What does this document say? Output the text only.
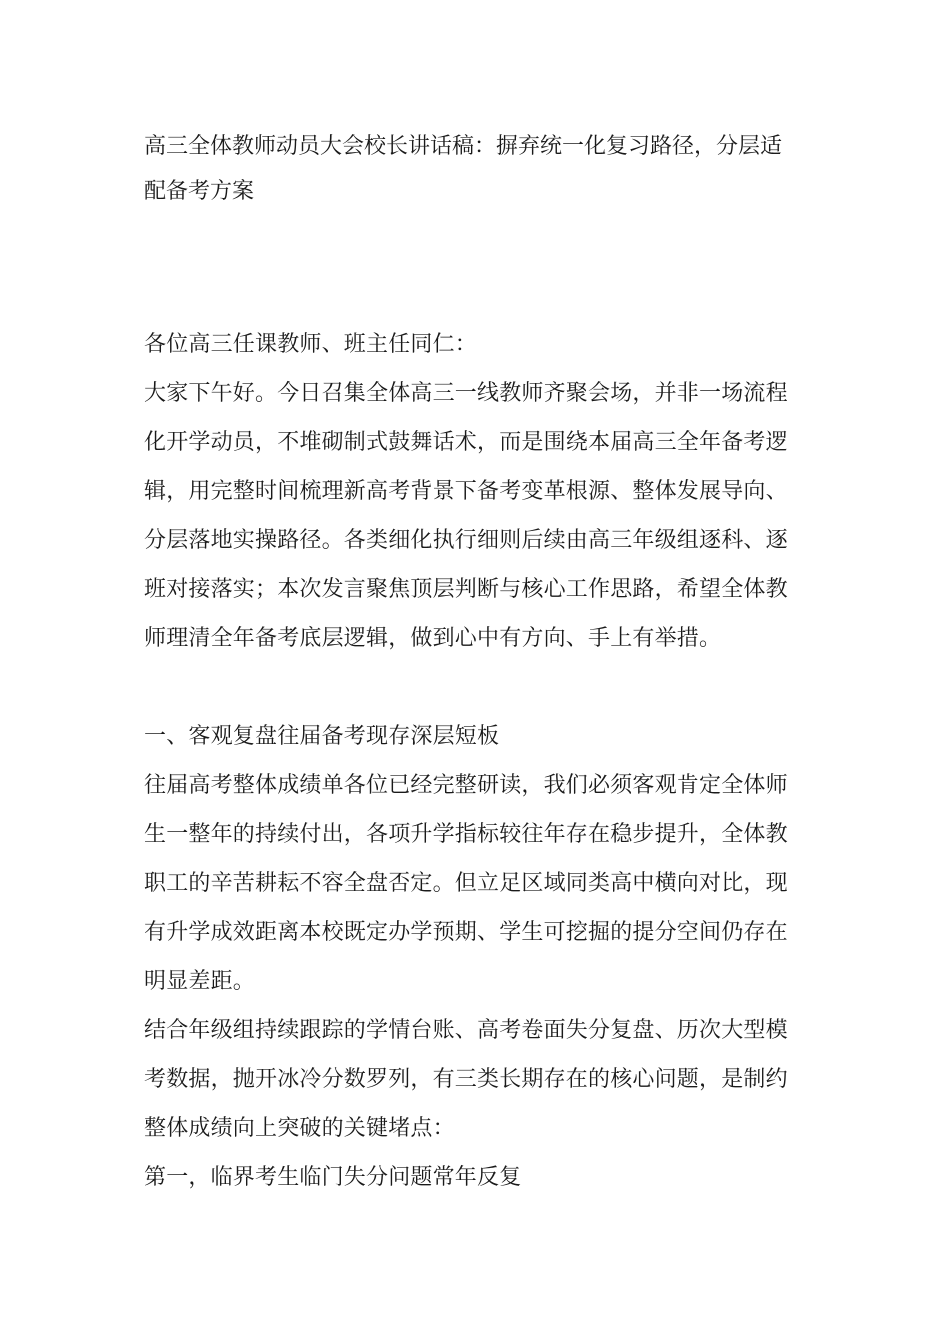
高三全体教师动员大会校长讲话稿：摒弃统一化复习路径，分层适
配备考方案
各位高三任课教师、班主任同仁：
大家下午好。今日召集全体高三一线教师齐聚会场，并非一场流程
化开学动员，不堆砌制式鼓舞话术，而是围绕本届高三全年备考逻
辑，用完整时间梳理新高考背景下备考变革根源、整体发展导向、
分层落地实操路径。各类细化执行细则后续由高三年级组逐科、逐
班对接落实；本次发言聚焦顶层判断与核心工作思路，希望全体教
师理清全年备考底层逻辑，做到心中有方向、手上有举措。
一、客观复盘往届备考现存深层短板
往届高考整体成绩单各位已经完整研读，我们必须客观肯定全体师
生一整年的持续付出，各项升学指标较往年存在稳步提升，全体教
职工的辛苦耕耘不容全盘否定。但立足区域同类高中横向对比，现
有升学成效距离本校既定办学预期、学生可挖掘的提分空间仍存在
明显差距。
结合年级组持续跟踪的学情台账、高考卷面失分复盘、历次大型模
考数据，抛开冰冷分数罗列，有三类长期存在的核心问题，是制约
整体成绩向上突破的关键堵点：
第一，临界考生临门失分问题常年反复
